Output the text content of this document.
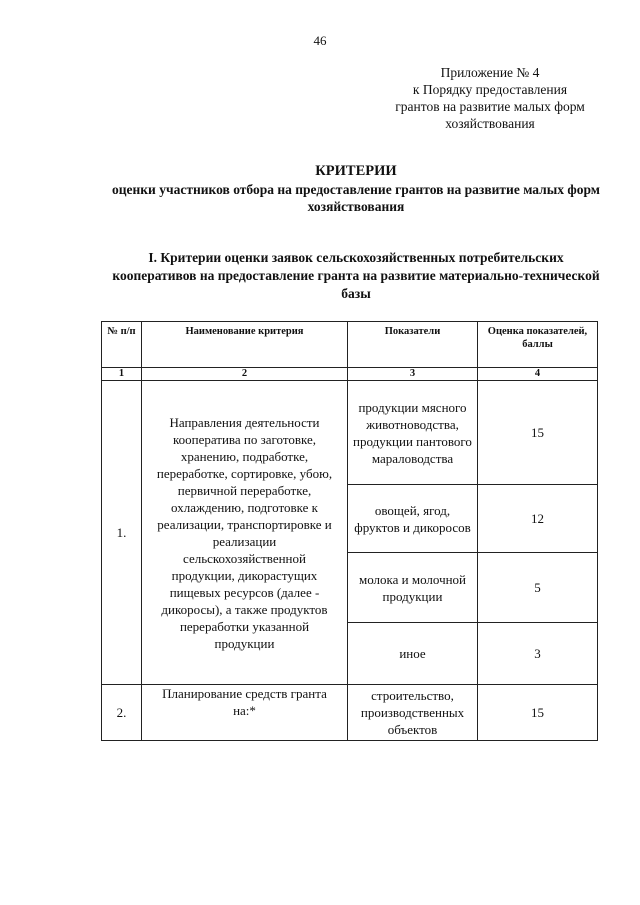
46
Приложение № 4
к Порядку предоставления
грантов на развитие малых форм
хозяйствования
КРИТЕРИИ
оценки участников отбора на предоставление грантов на развитие малых форм хозяйствования
I. Критерии оценки заявок сельскохозяйственных потребительских кооперативов на предоставление гранта на развитие материально-технической базы
№ п/п	Наименование критерия	Показатели	Оценка показателей, баллы
1	2	3	4
1.	Направления деятельности кооператива по заготовке, хранению, подработке, переработке, сортировке, убою, первичной переработке, охлаждению, подготовке к реализации, транспортировке и реализации сельскохозяйственной продукции, дикорастущих пищевых ресурсов (далее - дикоросы), а также продуктов переработки указанной продукции	продукции мясного животноводства, продукции пантового мараловодства	15
		овощей, ягод, фруктов и дикоросов	12
		молока и молочной продукции	5
		иное	3
2.	Планирование средств гранта на:*	строительство, производственных объектов	15
